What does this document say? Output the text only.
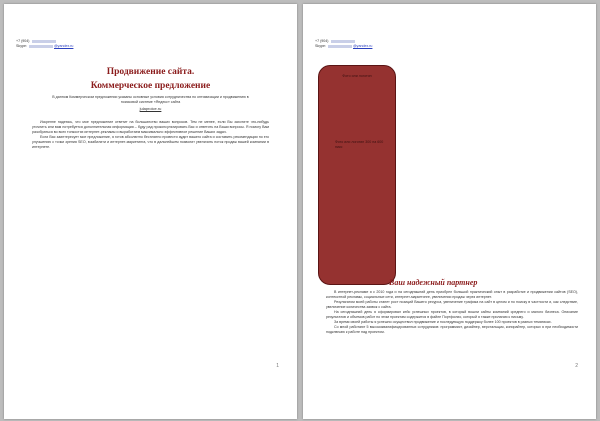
+7 (904)
Skype:	@yandex.ru
Продвижение сайта.
Коммерческое предложение
В данном Коммерческом предложении указаны основные условия сотрудничества по оптимизации и продвижению в поисковой системе «Яндекс» сайта
julaproice.ru

Искренне надеюсь, что мое предложение ответит на большинство ваших вопросов. Тем не менее, если Вы захотите что-нибудь уточнить или вам потребуется дополнительная информация – буду рад проконсультировать Вас и ответить на Ваши вопросы. Я помогу Вам разобраться во всех тонкостях интернет-рекламы и выработаем максимально эффективное решение Ваших задач.

Если Вас заинтересует мое предложение, я готов абсолютно бесплатно провести аудит вашего сайта и составить рекомендации по его улучшению с точки зрения SEO, юзабилити и интернет-маркетинга, что в дальнейшем позволит увеличить поток продаж вашей компании в интернете.

1
+7 (904)
Skype:	@yandex.ru
Фото или логотип
Фото или логотип 300 на 600 пикс
Ваш надежный партнер

В интернет-рекламе я с 2010 года и на сегодняшний день приобрел большой практический опыт в разработке и продвижении сайтов (SEO), контекстной рекламы, социальные сети, интернет-маркетинге, увеличении продаж через интернет.

Результатом моей работы станет рост позиций Вашего ресурса, увеличение трафика на сайт в целом и по поиску в частности и, как следствие, увеличение количества заявок с сайта.

На сегодняшний день я сформировал кейс успешных проектов, в который вошли сайты компаний среднего и малого бизнеса. Описание результатов и объемов работ по этим проектам содержится в файле Портфолио, который я также прилагаю к письму.

За время своей работы я успешно осуществил продвижение и последующую поддержку более 100 проектов в разных тематиках.

Со мной работают 5 высококвалифицированных сотрудников: программист, дизайнер, верстальщик, копирайтер, которых я при необходимости подключаю к работе над проектом.

2
